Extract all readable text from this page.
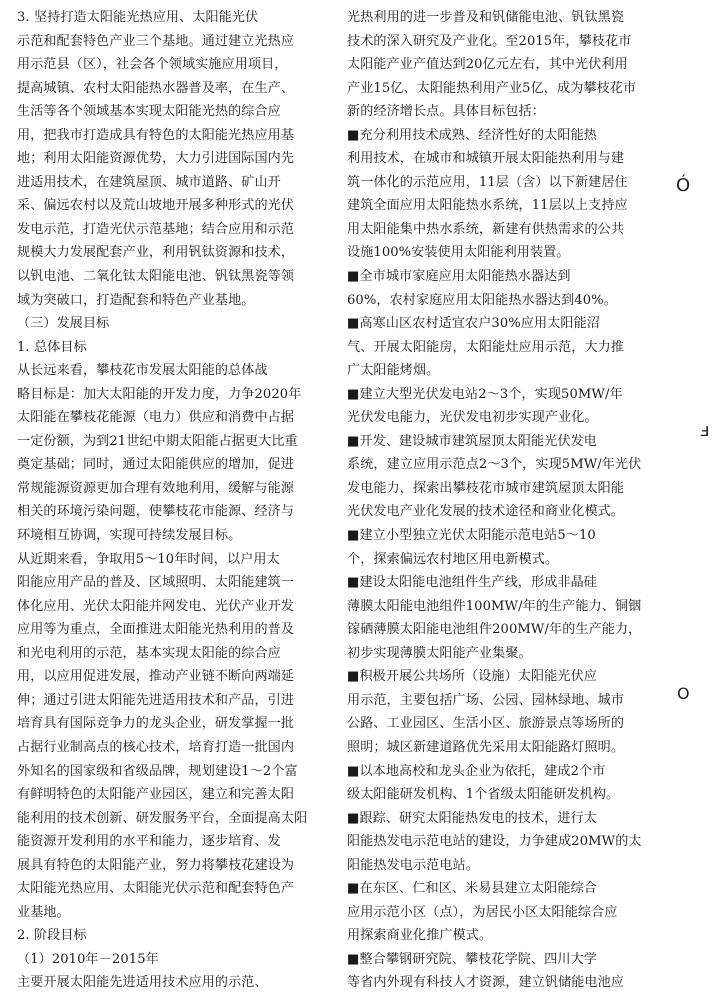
3. 坚持打造太阳能光热应用、太阳能光伏
示范和配套特色产业三个基地。通过建立光热应
用示范县（区），社会各个领域实施应用项目，
提高城镇、农村太阳能热水器普及率，在生产、
生活等各个领域基本实现太阳能光热的综合应
用，把我市打造成具有特色的太阳能光热应用基
地；利用太阳能资源优势，大力引进国际国内先
进适用技术，在建筑屋顶、城市道路、矿山开
采、偏远农村以及荒山坡地开展多种形式的光伏
发电示范，打造光伏示范基地；结合应用和示范
规模大力发展配套产业，利用钒钛资源和技术，
以钒电池、二氧化钛太阳能电池、钒钛黑瓷等领
域为突破口，打造配套和特色产业基地。
（三）发展目标
1. 总体目标
从长远来看，攀枝花市发展太阳能的总体战
略目标是：加大太阳能的开发力度，力争2020年
太阳能在攀枝花能源（电力）供应和消费中占据
一定份额，为到21世纪中期太阳能占据更大比重
奠定基础；同时，通过太阳能供应的增加，促进
常规能源资源更加合理有效地利用，缓解与能源
相关的环境污染问题，使攀枝花市能源、经济与
环境相互协调，实现可持续发展目标。
从近期来看，争取用5～10年时间，以户用太
阳能应用产品的普及、区域照明、太阳能建筑一
体化应用、光伏太阳能并网发电、光伏产业开发
应用等为重点，全面推进太阳能光热利用的普及
和光电利用的示范，基本实现太阳能的综合应
用，以应用促进发展，推动产业链不断向两端延
伸；通过引进太阳能先进适用技术和产品，引进
培育具有国际竞争力的龙头企业，研发掌握一批
占据行业制高点的核心技术，培育打造一批国内
外知名的国家级和省级品牌，规划建设1～2个富
有鲜明特色的太阳能产业园区，建立和完善太阳
能利用的技术创新、研发服务平台，全面提高太阳
能资源开发利用的水平和能力，逐步培育、发
展具有特色的太阳能产业，努力将攀枝花建设为
太阳能光热应用、太阳能光伏示范和配套特色产
业基地。
2. 阶段目标
（1）2010年－2015年
主要开展太阳能先进适用技术应用的示范、
光热利用的进一步普及和钒储能电池、钒钛黑瓷
技术的深入研究及产业化。至2015年，攀枝花市
太阳能产业产值达到20亿元左右，其中光伏利用
产业15亿、太阳能热利用产业5亿，成为攀枝花市
新的经济增长点。具体目标包括：
■充分利用技术成熟、经济性好的太阳能热
利用技术，在城市和城镇开展太阳能热利用与建
筑一体化的示范应用，11层（含）以下新建居住
建筑全面应用太阳能热水系统，11层以上支持应
用太阳能集中热水系统，新建有供热需求的公共
设施100%安装使用太阳能利用装置。
■全市城市家庭应用太阳能热水器达到
60%，农村家庭应用太阳能热水器达到40%。
■高寒山区农村适宜农户30%应用太阳能沼
气、开展太阳能房，太阳能灶应用示范，大力推
广太阳能烤烟。
■建立大型光伏发电站2～3个，实现50MW/年
光伏发电能力，光伏发电初步实现产业化。
■开发、建设城市建筑屋顶太阳能光伏发电
系统，建立应用示范点2～3个，实现5MW/年光伏
发电能力，探索出攀枝花市城市建筑屋顶太阳能
光伏发电产业化发展的技术途径和商业化模式。
■建立小型独立光伏太阳能示范电站5～10
个，探索偏远农村地区用电新模式。
■建设太阳能电池组件生产线，形成非晶硅
薄膜太阳能电池组件100MW/年的生产能力、铜铟
镓硒薄膜太阳能电池组件200MW/年的生产能力，
初步实现薄膜太阳能产业集聚。
■积极开展公共场所（设施）太阳能光伏应
用示范，主要包括广场、公园、园林绿地、城市
公路、工业园区、生活小区、旅游景点等场所的
照明；城区新建道路优先采用太阳能路灯照明。
■以本地高校和龙头企业为依托，建成2个市
级太阳能研发机构、1个省级太阳能研发机构。
■跟踪、研究太阳能热发电的技术，进行太
阳能热发电示范电站的建设，力争建成20MW的太
阳能热发电示范电站。
■在东区、仁和区、米易县建立太阳能综合
应用示范小区（点），为居民小区太阳能综合应
用探索商业化推广模式。
■整合攀钢研究院、攀枝花学院、四川大学
等省内外现有科技人才资源，建立钒储能电池应
Ó
ⅎ
O
